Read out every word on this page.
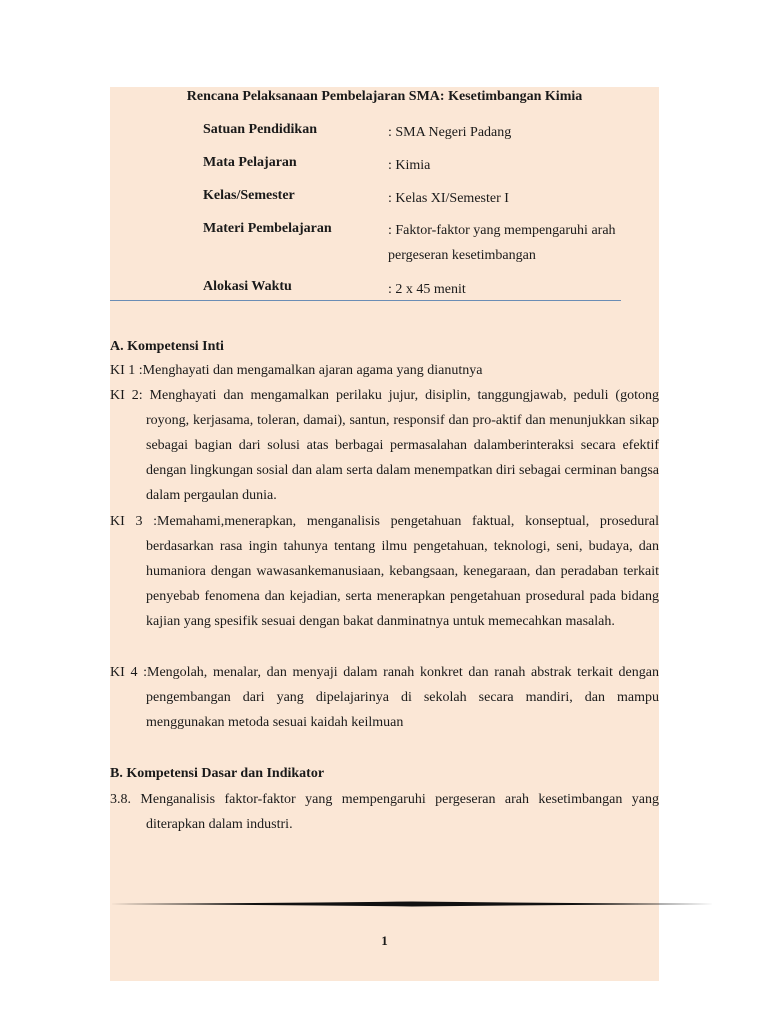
Rencana Pelaksanaan Pembelajaran SMA: Kesetimbangan Kimia
Satuan Pendidikan	: SMA Negeri Padang
Mata Pelajaran	: Kimia
Kelas/Semester	: Kelas XI/Semester I
Materi Pembelajaran	: Faktor-faktor yang mempengaruhi arah pergeseran kesetimbangan
Alokasi Waktu	: 2 x 45 menit
A. Kompetensi Inti
KI 1 :Menghayati dan mengamalkan ajaran agama yang dianutnya
KI 2: Menghayati dan mengamalkan perilaku jujur, disiplin, tanggungjawab, peduli (gotong royong, kerjasama, toleran, damai), santun, responsif dan pro-aktif dan menunjukkan sikap sebagai bagian dari solusi atas berbagai permasalahan dalamberinteraksi secara efektif dengan lingkungan sosial dan alam serta dalam menempatkan diri sebagai cerminan bangsa dalam pergaulan dunia.
KI 3 :Memahami,menerapkan, menganalisis pengetahuan faktual, konseptual, prosedural berdasarkan rasa ingin tahunya tentang ilmu pengetahuan, teknologi, seni, budaya, dan humaniora dengan wawasankemanusiaan, kebangsaan, kenegaraan, dan peradaban terkait penyebab fenomena dan kejadian, serta menerapkan pengetahuan prosedural pada bidang kajian yang spesifik sesuai dengan bakat danminatnya untuk memecahkan masalah.
KI 4 :Mengolah, menalar, dan menyaji dalam ranah konkret dan ranah abstrak terkait dengan pengembangan dari yang dipelajarinya di sekolah secara mandiri, dan mampu menggunakan metoda sesuai kaidah keilmuan
B. Kompetensi Dasar dan Indikator
3.8. Menganalisis faktor-faktor yang mempengaruhi pergeseran arah kesetimbangan yang diterapkan dalam industri.
1
